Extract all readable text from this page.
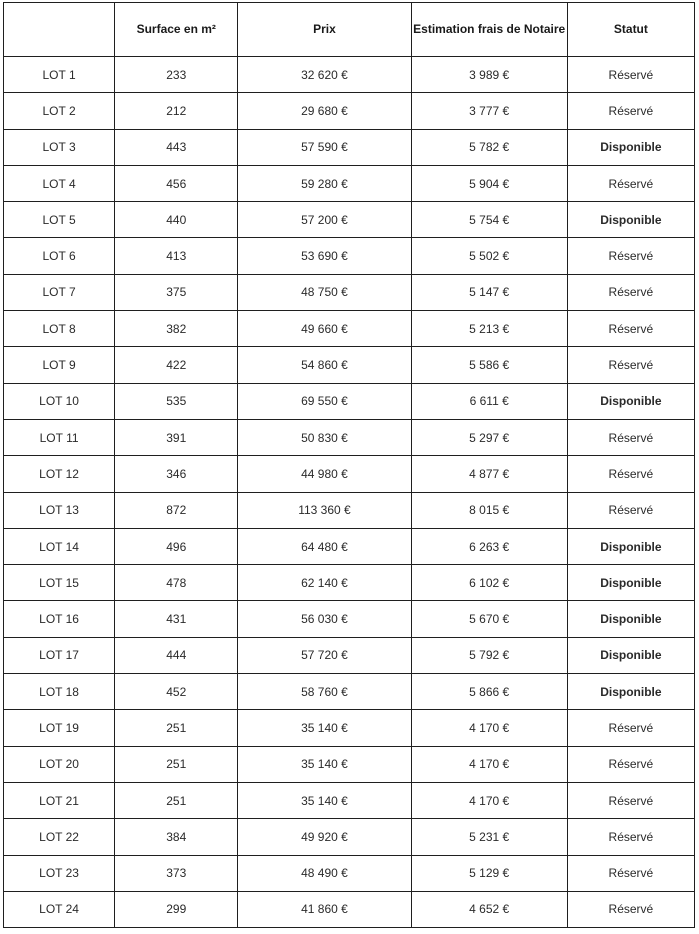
	Surface en m²	Prix	Estimation frais de Notaire	Statut
LOT 1	233	32 620 €	3 989 €	Réservé
LOT 2	212	29 680 €	3 777 €	Réservé
LOT 3	443	57 590 €	5 782 €	Disponible
LOT 4	456	59 280 €	5 904 €	Réservé
LOT 5	440	57 200 €	5 754 €	Disponible
LOT 6	413	53 690 €	5 502 €	Réservé
LOT 7	375	48 750 €	5 147 €	Réservé
LOT 8	382	49 660 €	5 213 €	Réservé
LOT 9	422	54 860 €	5 586 €	Réservé
LOT 10	535	69 550 €	6 611 €	Disponible
LOT 11	391	50 830 €	5 297 €	Réservé
LOT 12	346	44 980 €	4 877 €	Réservé
LOT 13	872	113 360 €	8 015 €	Réservé
LOT 14	496	64 480 €	6 263 €	Disponible
LOT 15	478	62 140 €	6 102 €	Disponible
LOT 16	431	56 030 €	5 670 €	Disponible
LOT 17	444	57 720 €	5 792 €	Disponible
LOT 18	452	58 760 €	5 866 €	Disponible
LOT 19	251	35 140 €	4 170 €	Réservé
LOT 20	251	35 140 €	4 170 €	Réservé
LOT 21	251	35 140 €	4 170 €	Réservé
LOT 22	384	49 920 €	5 231 €	Réservé
LOT 23	373	48 490 €	5 129 €	Réservé
LOT 24	299	41 860 €	4 652 €	Réservé
